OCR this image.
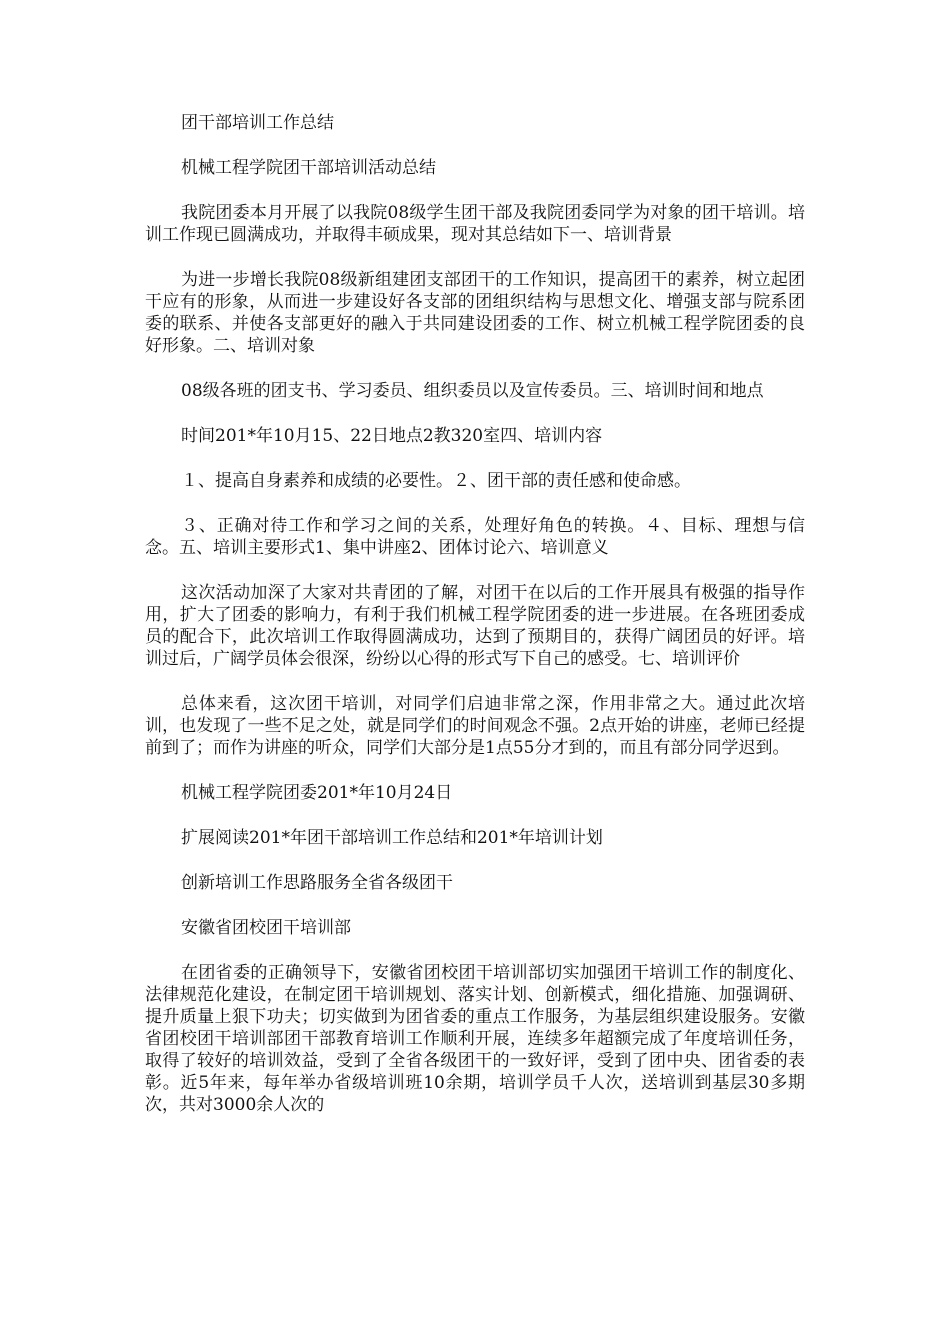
团干部培训工作总结

机械工程学院团干部培训活动总结

我院团委本月开展了以我院08级学生团干部及我院团委同学为对象的团干培训。培训工作现已圆满成功，并取得丰硕成果，现对其总结如下一、培训背景

为进一步增长我院08级新组建团支部团干的工作知识，提高团干的素养，树立起团干应有的形象，从而进一步建设好各支部的团组织结构与思想文化、增强支部与院系团委的联系、并使各支部更好的融入于共同建设团委的工作、树立机械工程学院团委的良好形象。二、培训对象

08级各班的团支书、学习委员、组织委员以及宣传委员。三、培训时间和地点

时间201*年10月15、22日地点2教320室四、培训内容

１、提高自身素养和成绩的必要性。２、团干部的责任感和使命感。

３、正确对待工作和学习之间的关系，处理好角色的转换。４、目标、理想与信念。五、培训主要形式1、集中讲座2、团体讨论六、培训意义

这次活动加深了大家对共青团的了解，对团干在以后的工作开展具有极强的指导作用，扩大了团委的影响力，有利于我们机械工程学院团委的进一步进展。在各班团委成员的配合下，此次培训工作取得圆满成功，达到了预期目的，获得广阔团员的好评。培训过后，广阔学员体会很深，纷纷以心得的形式写下自己的感受。七、培训评价

总体来看，这次团干培训，对同学们启迪非常之深，作用非常之大。通过此次培训，也发现了一些不足之处，就是同学们的时间观念不强。2点开始的讲座，老师已经提前到了；而作为讲座的听众，同学们大部分是1点55分才到的，而且有部分同学迟到。

机械工程学院团委201*年10月24日

扩展阅读201*年团干部培训工作总结和201*年培训计划

创新培训工作思路服务全省各级团干

安徽省团校团干培训部

在团省委的正确领导下，安徽省团校团干培训部切实加强团干培训工作的制度化、法律规范化建设，在制定团干培训规划、落实计划、创新模式，细化措施、加强调研、提升质量上狠下功夫；切实做到为团省委的重点工作服务，为基层组织建设服务。安徽省团校团干培训部团干部教育培训工作顺利开展，连续多年超额完成了年度培训任务，取得了较好的培训效益，受到了全省各级团干的一致好评，受到了团中央、团省委的表彰。近5年来，每年举办省级培训班10余期，培训学员千人次，送培训到基层30多期次，共对3000余人次的
